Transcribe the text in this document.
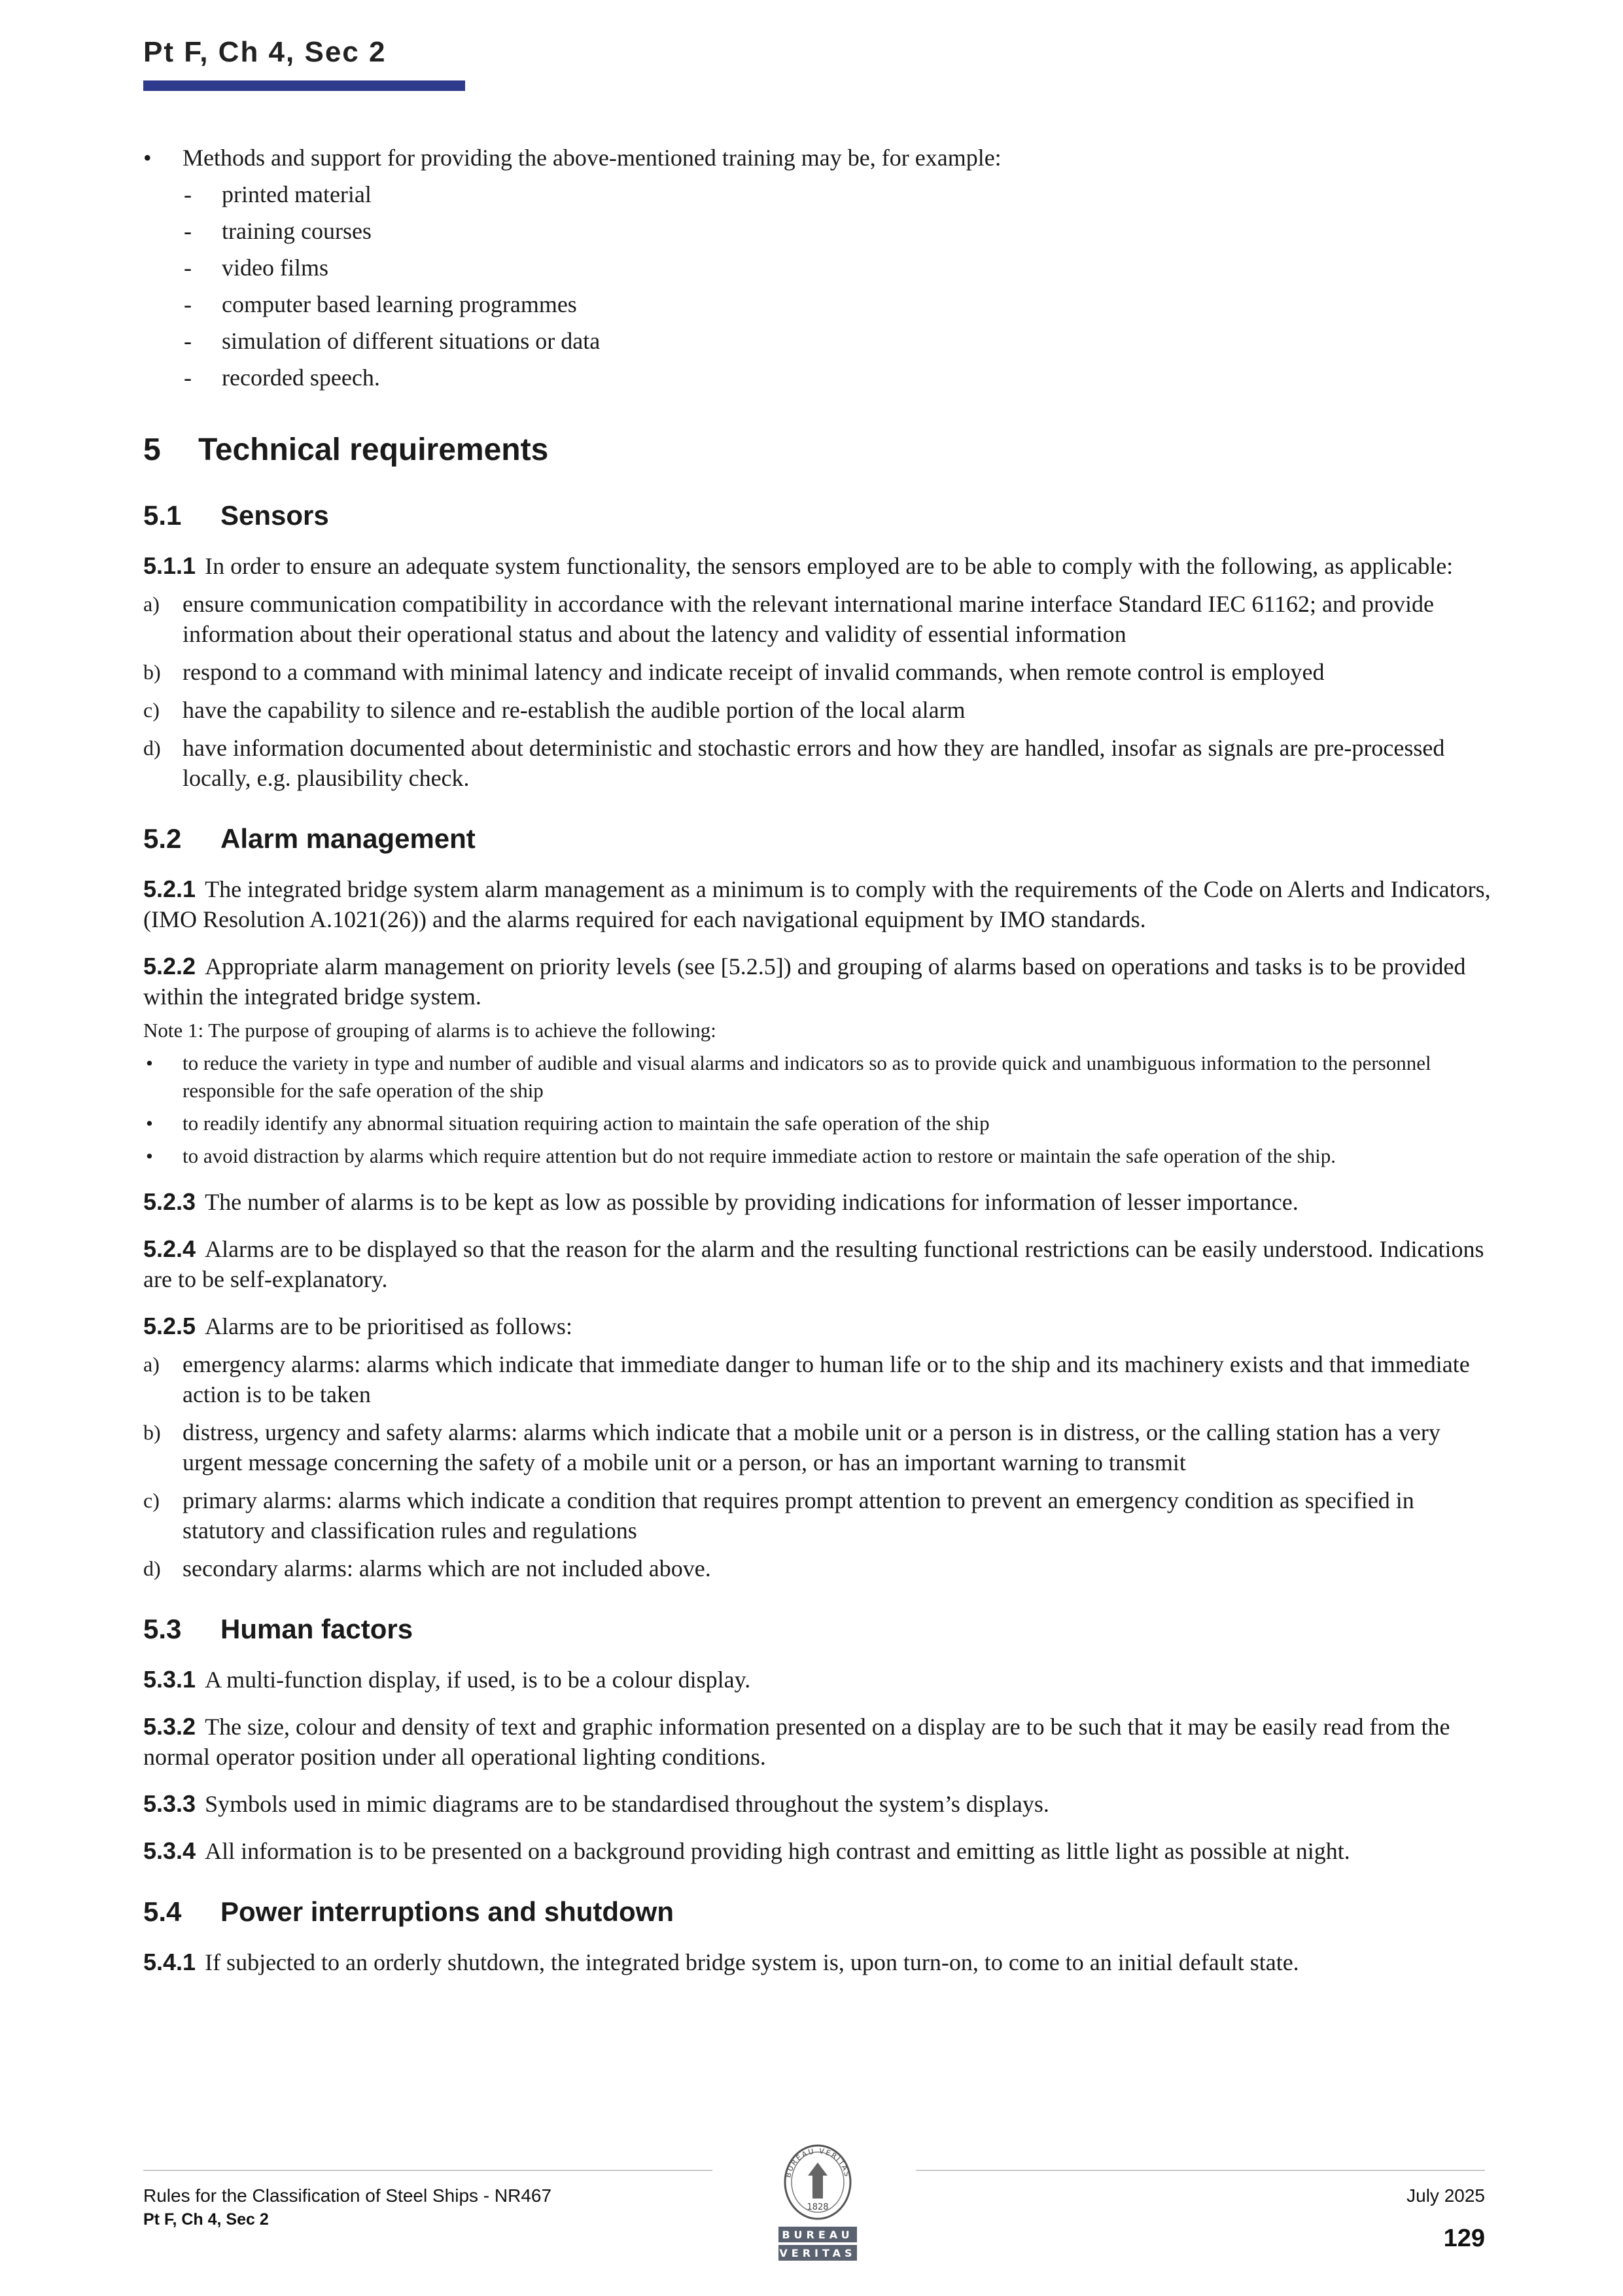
Pt F, Ch 4, Sec 2
• Methods and support for providing the above-mentioned training may be, for example:
- printed material
- training courses
- video films
- computer based learning programmes
- simulation of different situations or data
- recorded speech.
5 Technical requirements
5.1 Sensors
5.1.1 In order to ensure an adequate system functionality, the sensors employed are to be able to comply with the following, as applicable:
a) ensure communication compatibility in accordance with the relevant international marine interface Standard IEC 61162; and provide information about their operational status and about the latency and validity of essential information
b) respond to a command with minimal latency and indicate receipt of invalid commands, when remote control is employed
c) have the capability to silence and re-establish the audible portion of the local alarm
d) have information documented about deterministic and stochastic errors and how they are handled, insofar as signals are pre-processed locally, e.g. plausibility check.
5.2 Alarm management
5.2.1 The integrated bridge system alarm management as a minimum is to comply with the requirements of the Code on Alerts and Indicators, (IMO Resolution A.1021(26)) and the alarms required for each navigational equipment by IMO standards.
5.2.2 Appropriate alarm management on priority levels (see [5.2.5]) and grouping of alarms based on operations and tasks is to be provided within the integrated bridge system.
Note 1: The purpose of grouping of alarms is to achieve the following:
• to reduce the variety in type and number of audible and visual alarms and indicators so as to provide quick and unambiguous information to the personnel responsible for the safe operation of the ship
• to readily identify any abnormal situation requiring action to maintain the safe operation of the ship
• to avoid distraction by alarms which require attention but do not require immediate action to restore or maintain the safe operation of the ship.
5.2.3 The number of alarms is to be kept as low as possible by providing indications for information of lesser importance.
5.2.4 Alarms are to be displayed so that the reason for the alarm and the resulting functional restrictions can be easily understood. Indications are to be self-explanatory.
5.2.5 Alarms are to be prioritised as follows:
a) emergency alarms: alarms which indicate that immediate danger to human life or to the ship and its machinery exists and that immediate action is to be taken
b) distress, urgency and safety alarms: alarms which indicate that a mobile unit or a person is in distress, or the calling station has a very urgent message concerning the safety of a mobile unit or a person, or has an important warning to transmit
c) primary alarms: alarms which indicate a condition that requires prompt attention to prevent an emergency condition as specified in statutory and classification rules and regulations
d) secondary alarms: alarms which are not included above.
5.3 Human factors
5.3.1 A multi-function display, if used, is to be a colour display.
5.3.2 The size, colour and density of text and graphic information presented on a display are to be such that it may be easily read from the normal operator position under all operational lighting conditions.
5.3.3 Symbols used in mimic diagrams are to be standardised throughout the system’s displays.
5.3.4 All information is to be presented on a background providing high contrast and emitting as little light as possible at night.
5.4 Power interruptions and shutdown
5.4.1 If subjected to an orderly shutdown, the integrated bridge system is, upon turn-on, to come to an initial default state.
Rules for the Classification of Steel Ships - NR467
Pt F, Ch 4, Sec 2
BUREAU VERITAS
1828
BUREAU
VERITAS
July 2025
129
